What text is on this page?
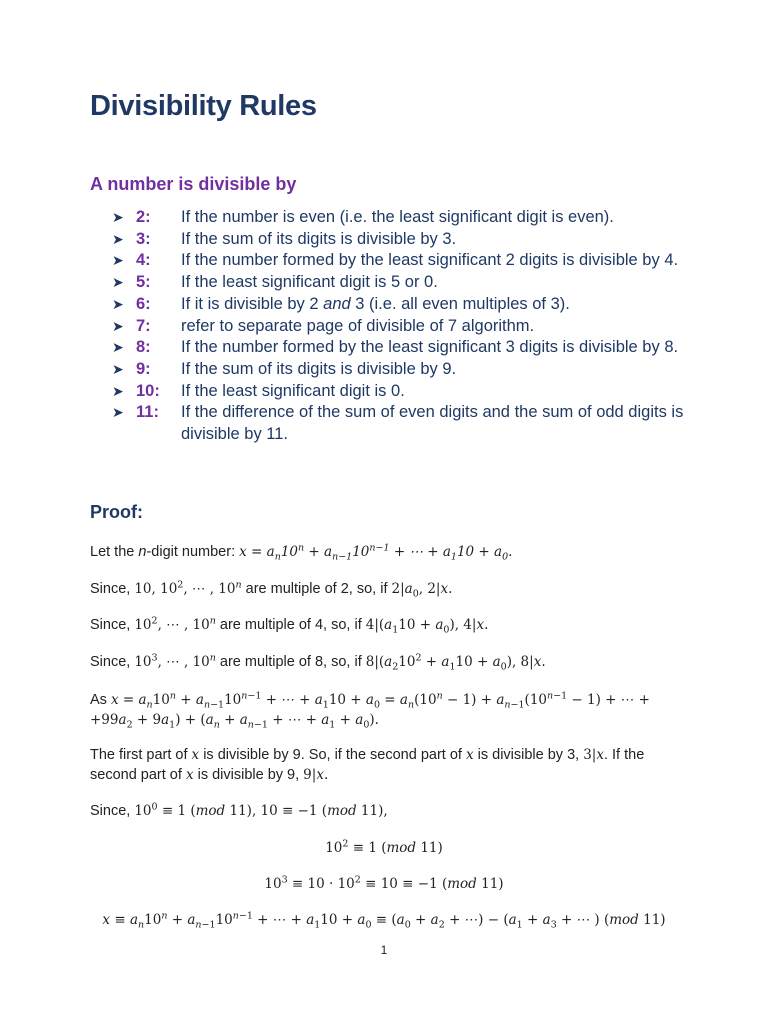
Divisibility Rules
A number is divisible by
➤ 2: If the number is even (i.e. the least significant digit is even).
➤ 3: If the sum of its digits is divisible by 3.
➤ 4: If the number formed by the least significant 2 digits is divisible by 4.
➤ 5: If the least significant digit is 5 or 0.
➤ 6: If it is divisible by 2 and 3 (i.e. all even multiples of 3).
➤ 7: refer to separate page of divisible of 7 algorithm.
➤ 8: If the number formed by the least significant 3 digits is divisible by 8.
➤ 9: If the sum of its digits is divisible by 9.
➤ 10: If the least significant digit is 0.
➤ 11: If the difference of the sum of even digits and the sum of odd digits is divisible by 11.
Proof:
Let the n-digit number: $x = a_n10^n + a_{n-1}10^{n-1}$ + ⋯ + $a_110 + a_0$.
Since, 10, $10^2$, ⋯ , 10$^n$ are multiple of 2, so, if $2|a_0$, 2|x.
Since, $10^2$, ⋯ , 10$^n$ are multiple of 4, so, if $4|(a_110 + a_0)$, 4|x.
Since, $10^3$, ⋯ , 10$^n$ are multiple of 8, so, if $8|(a_210^2 + a_110 + a_0)$, 8|x.
As $x = a_n10^n + a_{n-1}10^{n-1}$ + ⋯ + $a_110 + a_0 = a_n(10^n - 1) + a_{n-1}(10^{n-1} - 1)$ + ⋯ + $+99a_2 + 9a_1) + (a_n + a_{n-1}$ + ⋯ + $a_1 + a_0$).
The first part of x is divisible by 9. So, if the second part of x is divisible by 3, 3|x. If the second part of x is divisible by 9, 9|x.
Since, $10^0 \equiv 1$ (mod 11), 10 ≡ −1 (mod 11),
$10^2 \equiv 1$ (mod 11)
$10^3 \equiv 10 \cdot 10^2 \equiv 10 \equiv -1$ (mod 11)
$x \equiv a_n10^n + a_{n-1}10^{n-1}$ + ⋯ + $a_110 + a_0 \equiv (a_0 + a_2$ + ⋯) − ($a_1 + a_3$ + ⋯ ) (mod 11)
1
